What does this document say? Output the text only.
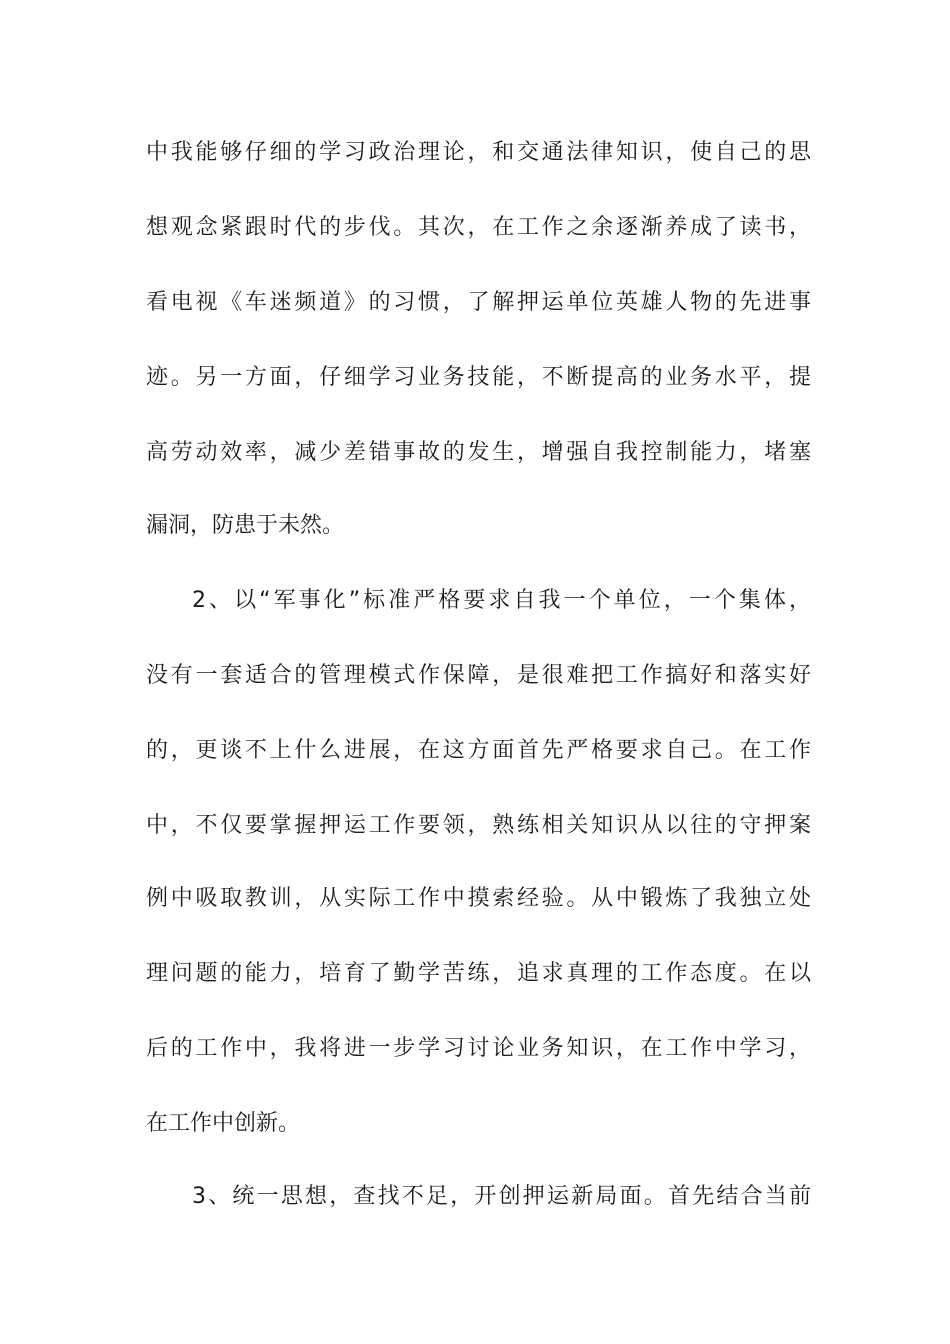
中我能够仔细的学习政治理论，和交通法律知识，使自己的思
想观念紧跟时代的步伐。其次，在工作之余逐渐养成了读书，
看电视《车迷频道》的习惯，了解押运单位英雄人物的先进事
迹。另一方面，仔细学习业务技能，不断提高的业务水平，提
高劳动效率，减少差错事故的发生，增强自我控制能力，堵塞
漏洞，防患于未然。
2、以“军事化”标准严格要求自我一个单位，一个集体，
没有一套适合的管理模式作保障，是很难把工作搞好和落实好
的，更谈不上什么进展，在这方面首先严格要求自己。在工作
中，不仅要掌握押运工作要领，熟练相关知识从以往的守押案
例中吸取教训，从实际工作中摸索经验。从中锻炼了我独立处
理问题的能力，培育了勤学苦练，追求真理的工作态度。在以
后的工作中，我将进一步学习讨论业务知识，在工作中学习，
在工作中创新。
3、统一思想，查找不足，开创押运新局面。首先结合当前
